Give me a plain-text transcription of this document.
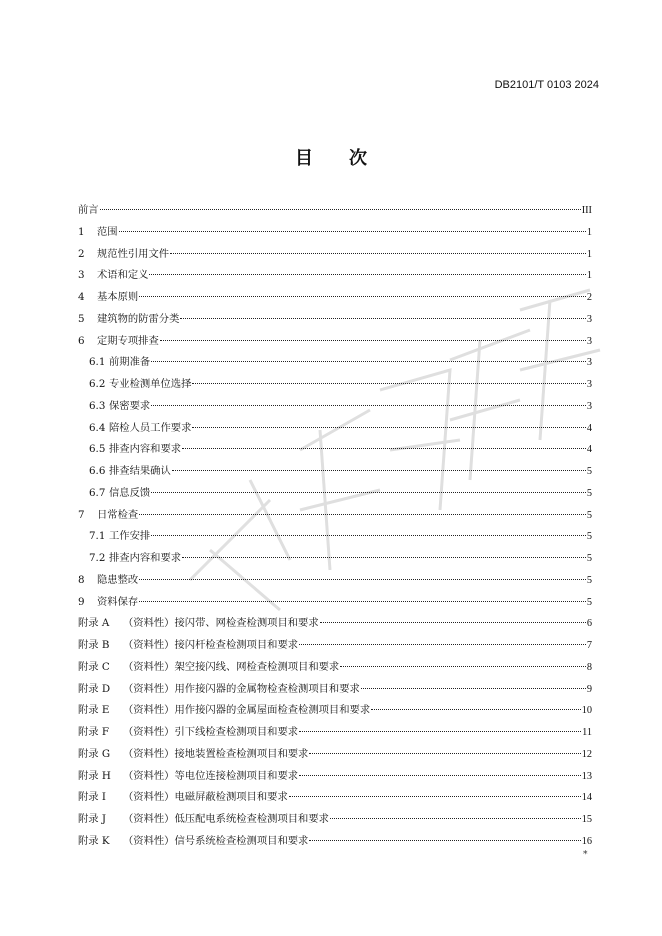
DB2101/T 0103 2024
目 次
前言	III
1	范围	1
2	规范性引用文件	1
3	术语和定义	1
4	基本原则	2
5	建筑物的防雷分类	3
6	定期专项排查	3
6.1 前期准备	3
6.2 专业检测单位选择	3
6.3 保密要求	3
6.4 陪检人员工作要求	4
6.5 排查内容和要求	4
6.6 排查结果确认	5
6.7 信息反馈	5
7	日常检查	5
7.1 工作安排	5
7.2 排查内容和要求	5
8	隐患整改	5
9	资料保存	5
附录 A	（资料性）接闪带、网检查检测项目和要求	6
附录 B	（资料性）接闪杆检查检测项目和要求	7
附录 C	（资料性）架空接闪线、网检查检测项目和要求	8
附录 D	（资料性）用作接闪器的金属物检查检测项目和要求	9
附录 E	（资料性）用作接闪器的金属屋面检查检测项目和要求	10
附录 F	（资料性）引下线检查检测项目和要求	11
附录 G	（资料性）接地装置检查检测项目和要求	12
附录 H	（资料性）等电位连接检测项目和要求	13
附录 I	（资料性）电磁屏蔽检测项目和要求	14
附录 J	（资料性）低压配电系统检查检测项目和要求	15
附录 K	（资料性）信号系统检查检测项目和要求	16
*
